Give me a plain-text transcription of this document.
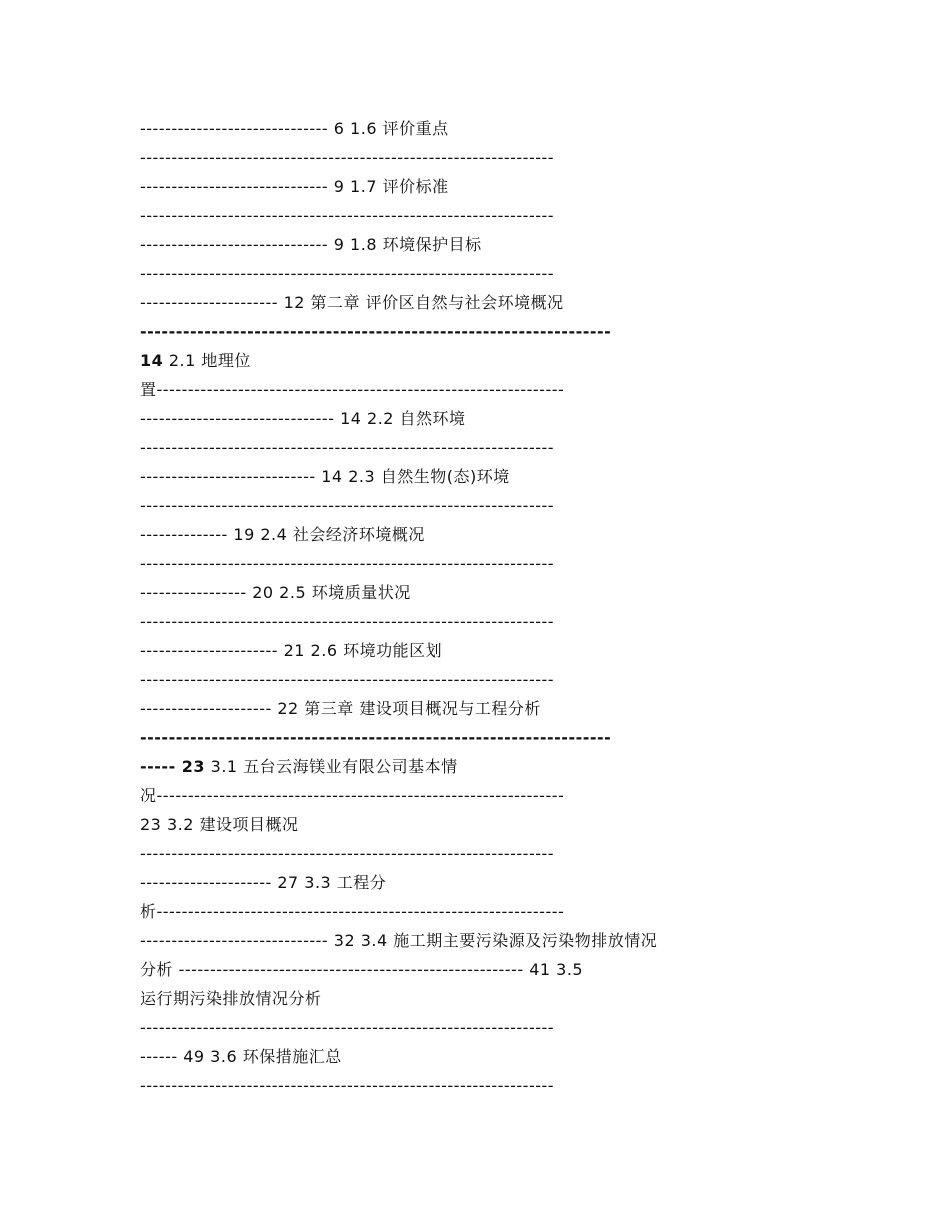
------------------------------ 6 1.6 评价重点
------------------------------------------------------------------
------------------------------ 9 1.7 评价标准
------------------------------------------------------------------
------------------------------ 9 1.8 环境保护目标
------------------------------------------------------------------
---------------------- 12 第二章 评价区自然与社会环境概况
------------------------------------------------------------------
14 2.1 地理位
置-----------------------------------------------------------------
------------------------------- 14 2.2 自然环境
------------------------------------------------------------------
---------------------------- 14 2.3 自然生物(态)环境
------------------------------------------------------------------
-------------- 19 2.4 社会经济环境概况
------------------------------------------------------------------
----------------- 20 2.5 环境质量状况
------------------------------------------------------------------
---------------------- 21 2.6 环境功能区划
------------------------------------------------------------------
--------------------- 22 第三章 建设项目概况与工程分析
------------------------------------------------------------------
----- 23 3.1 五台云海镁业有限公司基本情
况-----------------------------------------------------------------
23 3.2 建设项目概况
------------------------------------------------------------------
--------------------- 27 3.3 工程分
析-----------------------------------------------------------------
------------------------------ 32 3.4 施工期主要污染源及污染物排放情况
分析 ------------------------------------------------------- 41 3.5
运行期污染排放情况分析
------------------------------------------------------------------
------ 49 3.6 环保措施汇总
------------------------------------------------------------------
